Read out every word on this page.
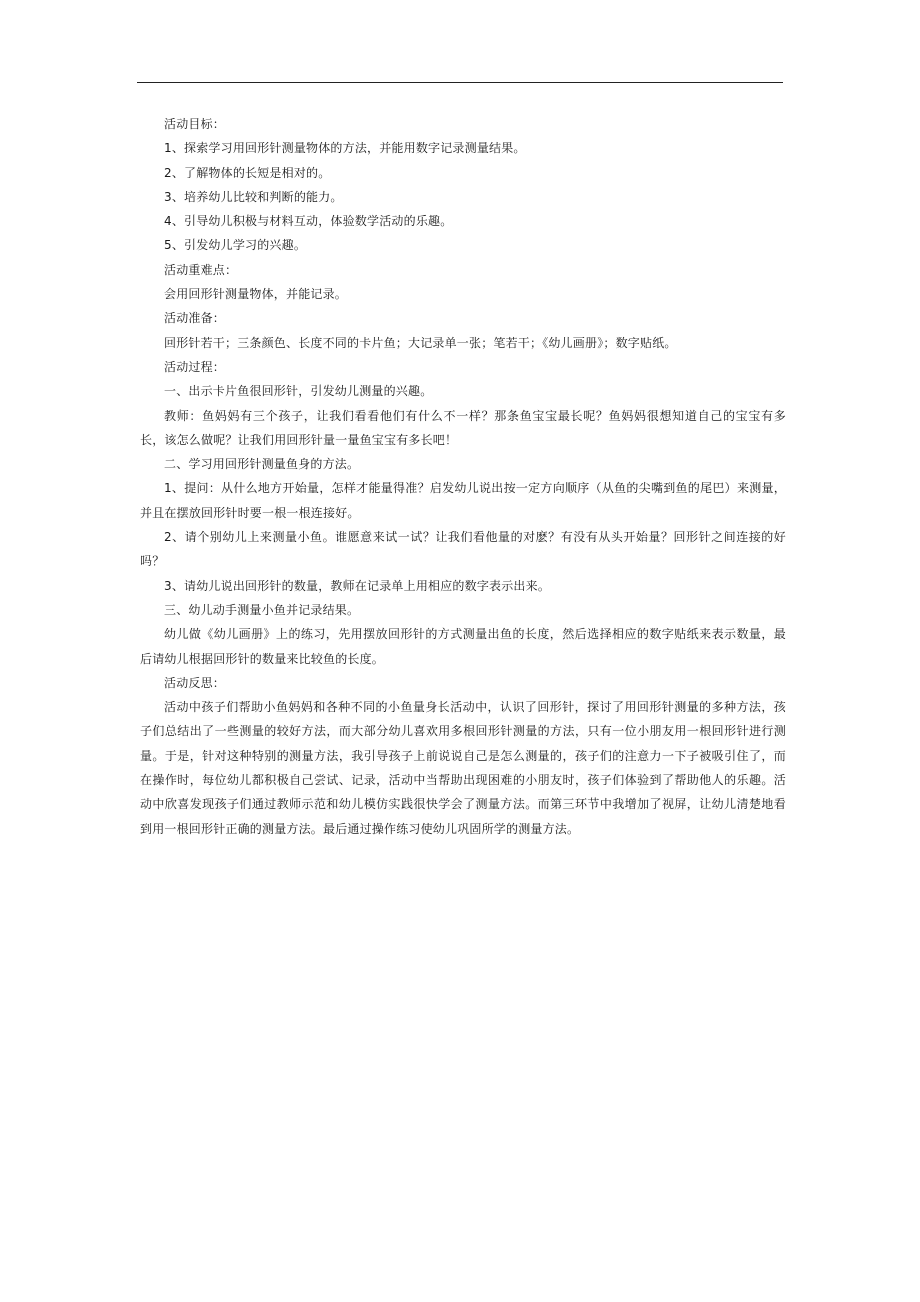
活动目标：

1、探索学习用回形针测量物体的方法，并能用数字记录测量结果。

2、了解物体的长短是相对的。

3、培养幼儿比较和判断的能力。

4、引导幼儿积极与材料互动，体验数学活动的乐趣。

5、引发幼儿学习的兴趣。

活动重难点：

会用回形针测量物体，并能记录。

活动准备：

回形针若干；三条颜色、长度不同的卡片鱼；大记录单一张；笔若干；《幼儿画册》；数字贴纸。

活动过程：

一、出示卡片鱼很回形针，引发幼儿测量的兴趣。

教师：鱼妈妈有三个孩子，让我们看看他们有什么不一样？那条鱼宝宝最长呢？鱼妈妈很想知道自己的宝宝有多长，该怎么做呢？让我们用回形针量一量鱼宝宝有多长吧！

二、学习用回形针测量鱼身的方法。

1、提问：从什么地方开始量，怎样才能量得准？启发幼儿说出按一定方向顺序（从鱼的尖嘴到鱼的尾巴）来测量，并且在摆放回形针时要一根一根连接好。

2、请个别幼儿上来测量小鱼。谁愿意来试一试？让我们看他量的对麽？有没有从头开始量？回形针之间连接的好吗？

3、请幼儿说出回形针的数量，教师在记录单上用相应的数字表示出来。

三、幼儿动手测量小鱼并记录结果。

幼儿做《幼儿画册》上的练习，先用摆放回形针的方式测量出鱼的长度，然后选择相应的数字贴纸来表示数量，最后请幼儿根据回形针的数量来比较鱼的长度。

活动反思：

活动中孩子们帮助小鱼妈妈和各种不同的小鱼量身长活动中，认识了回形针，探讨了用回形针测量的多种方法，孩子们总结出了一些测量的较好方法，而大部分幼儿喜欢用多根回形针测量的方法，只有一位小朋友用一根回形针进行测量。于是，针对这种特别的测量方法，我引导孩子上前说说自己是怎么测量的，孩子们的注意力一下子被吸引住了，而在操作时，每位幼儿都积极自己尝试、记录，活动中当帮助出现困难的小朋友时，孩子们体验到了帮助他人的乐趣。活动中欣喜发现孩子们通过教师示范和幼儿模仿实践很快学会了测量方法。而第三环节中我增加了视屏，让幼儿清楚地看到用一根回形针正确的测量方法。最后通过操作练习使幼儿巩固所学的测量方法。
